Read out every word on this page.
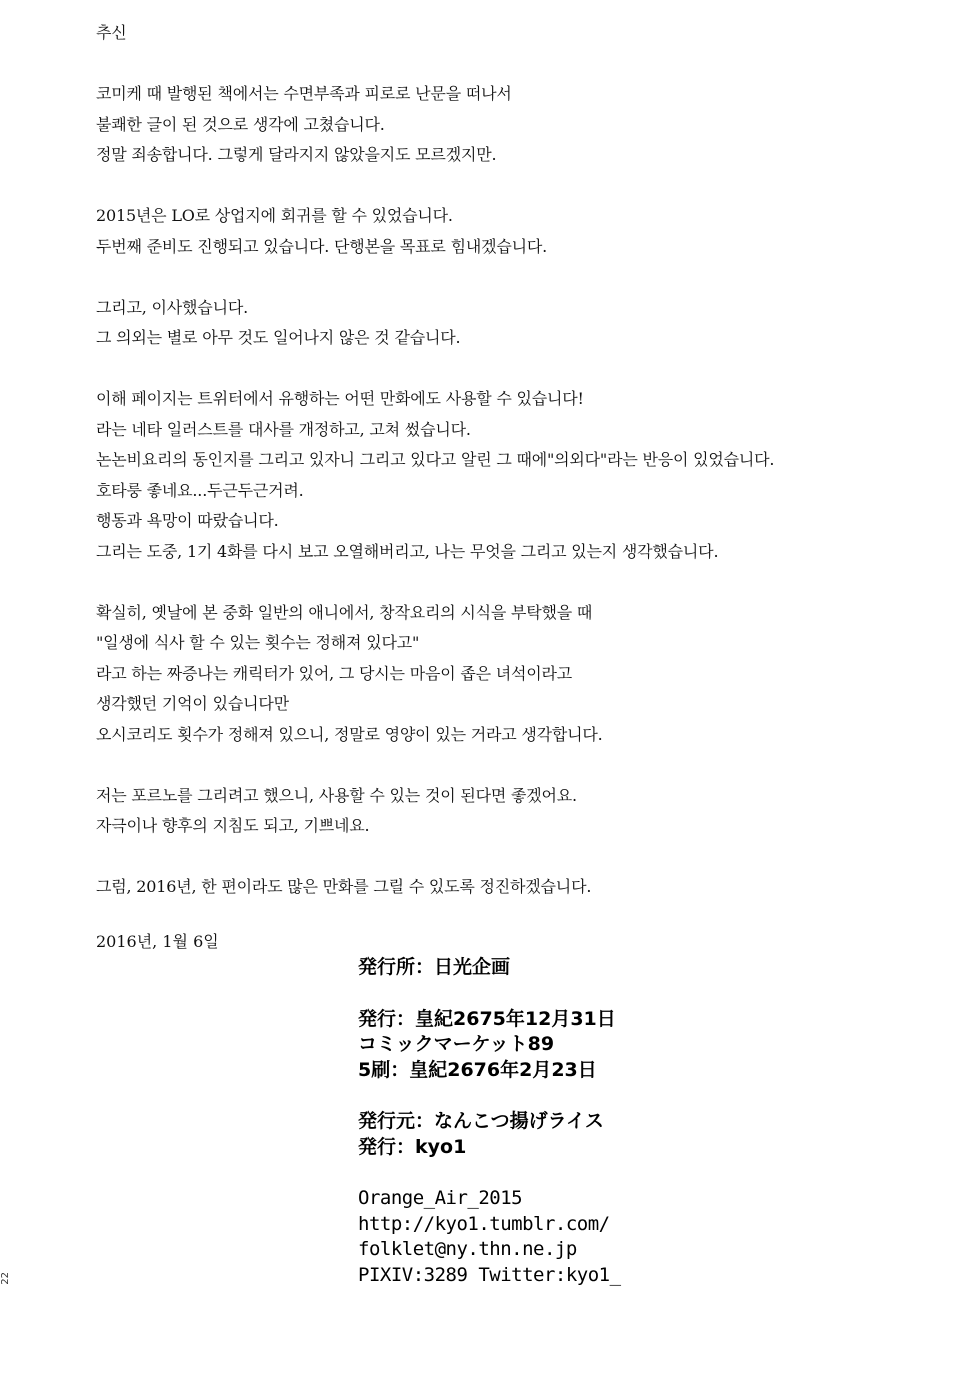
추신
코미케 때 발행된 책에서는 수면부족과 피로로 난문을 떠나서
불쾌한 글이 된 것으로 생각에 고쳤습니다.
정말 죄송합니다. 그렇게 달라지지 않았을지도 모르겠지만.
2015년은 LO로 상업지에 회귀를 할 수 있었습니다.
두번째 준비도 진행되고 있습니다. 단행본을 목표로 힘내겠습니다.
그리고, 이사했습니다.
그 의외는 별로 아무 것도 일어나지 않은 것 같습니다.
이해 페이지는 트위터에서 유행하는 어떤 만화에도 사용할 수 있습니다!
라는 네타 일러스트를 대사를 개정하고, 고쳐 썼습니다.
논논비요리의 동인지를 그리고 있자니 그리고 있다고 알린 그 때에"의외다"라는 반응이 있었습니다.
호타룽 좋네요...두근두근거려.
행동과 욕망이 따랐습니다.
그리는 도중, 1기 4화를 다시 보고 오열해버리고, 나는 무엇을 그리고 있는지 생각했습니다.
확실히, 옛날에 본 중화 일반의 애니에서, 창작요리의 시식을 부탁했을 때
"일생에 식사 할 수 있는 횟수는 정해져 있다고"
라고 하는 짜증나는 캐릭터가 있어, 그 당시는 마음이 좁은 녀석이라고
생각했던 기억이 있습니다만
오시코리도 횟수가 정해져 있으니, 정말로 영양이 있는 거라고 생각합니다.
저는 포르노를 그리려고 했으니, 사용할 수 있는 것이 된다면 좋겠어요.
자극이나 향후의 지침도 되고, 기쁘네요.
그럼, 2016년, 한 편이라도 많은 만화를 그릴 수 있도록 정진하겠습니다.
2016년, 1월 6일
発行所：日光企画
発行：皇紀2675年12月31日
コミックマーケット89
5刷：皇紀2676年2月23日
発行元：なんこつ揚げライス
発行：kyo1
Orange_Air_2015
http://kyo1.tumblr.com/
folklet@ny.thn.ne.jp
PIXIV:3289 Twitter:kyo1_
22
